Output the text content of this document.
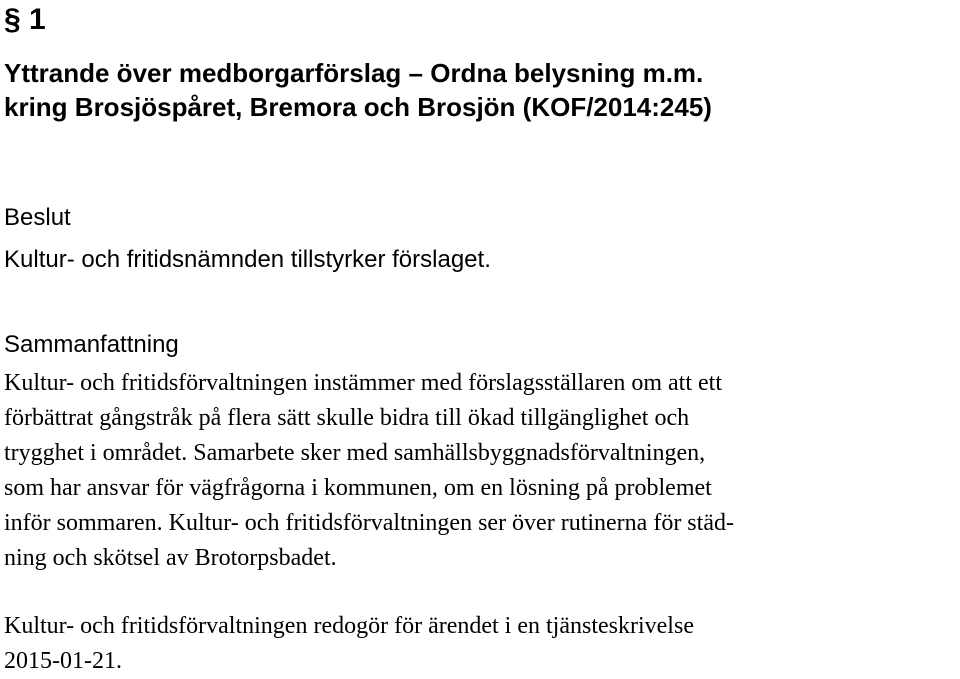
§ 1
Yttrande över medborgarförslag – Ordna belysning m.m.
kring Brosjöspåret, Bremora och Brosjön (KOF/2014:245)
Beslut

Kultur- och fritidsnämnden tillstyrker förslaget.

Sammanfattning

Kultur- och fritidsförvaltningen instämmer med förslagsställaren om att ett
förbättrat gångstråk på flera sätt skulle bidra till ökad tillgänglighet och
trygghet i området. Samarbete sker med samhällsbyggnadsförvaltningen,
som har ansvar för vägfrågorna i kommunen, om en lösning på problemet
inför sommaren. Kultur- och fritidsförvaltningen ser över rutinerna för städ-
ning och skötsel av Brotorpsbadet.

Kultur- och fritidsförvaltningen redogör för ärendet i en tjänsteskrivelse
2015-01-21.
